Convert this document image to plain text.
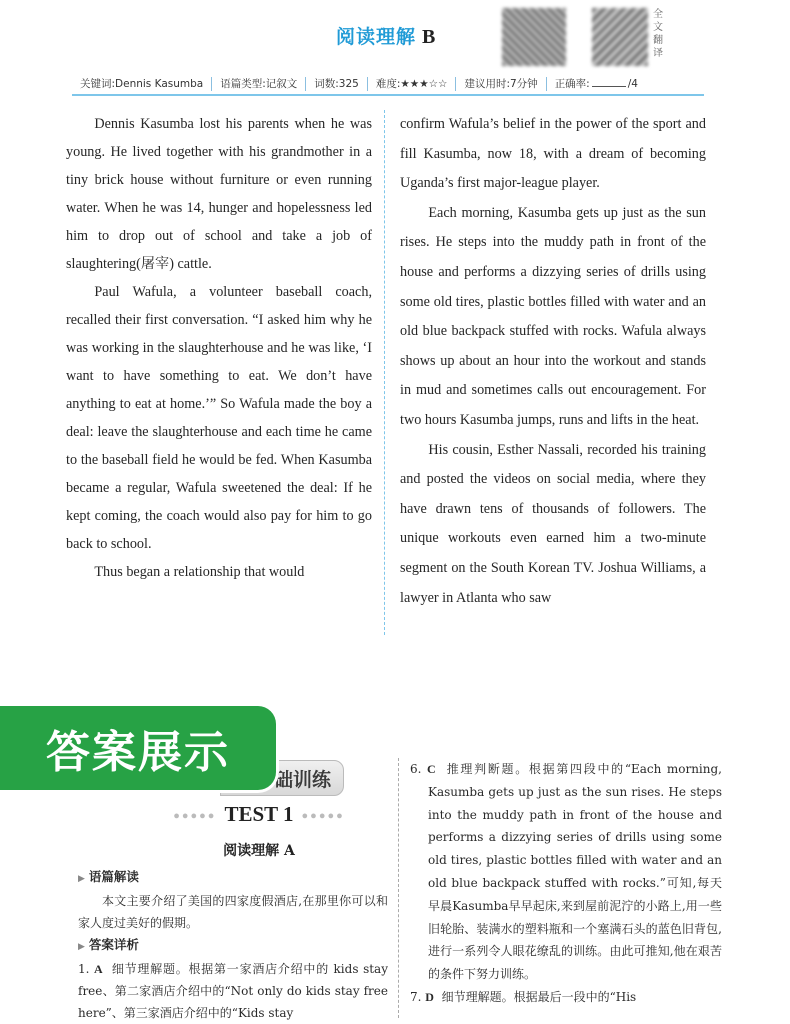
阅读理解 B
全文翻译
关键词:Dennis Kasumba	语篇类型:记叙文	词数:325	难度:★★★☆☆	建议用时:7分钟	正确率:	/4

Dennis Kasumba lost his parents when he was young. He lived together with his grandmother in a tiny brick house without furniture or even running water. When he was 14, hunger and hopelessness led him to drop out of school and take a job of slaughtering(屠宰) cattle.

Paul Wafula, a volunteer baseball coach, recalled their first conversation. “I asked him why he was working in the slaughterhouse and he was like, ‘I want to have something to eat. We don’t have anything to eat at home.’” So Wafula made the boy a deal: leave the slaughterhouse and each time he came to the baseball field he would be fed. When Kasumba became a regular, Wafula sweetened the deal: If he kept coming, the coach would also pay for him to go back to school.

Thus began a relationship that would

confirm Wafula’s belief in the power of the sport and fill Kasumba, now 18, with a dream of becoming Uganda’s first major-league player.

Each morning, Kasumba gets up just as the sun rises. He steps into the muddy path in front of the house and performs a dizzying series of drills using some old tires, plastic bottles filled with water and an old blue backpack stuffed with rocks. Wafula always shows up about an hour into the workout and stands in mud and sometimes calls out encouragement. For two hours Kasumba jumps, runs and lifts in the heat.

His cousin, Esther Nassali, recorded his training and posted the videos on social media, where they have drawn tens of thousands of followers. The unique workouts even earned him a two-minute segment on the South Korean TV. Joshua Williams, a lawyer in Atlanta who saw

础训练
答案展示
●●●●● TEST 1 ●●●●●
阅读理解 A
▶ 语篇解读
本文主要介绍了美国的四家度假酒店,在那里你可以和家人度过美好的假期。
▶ 答案详析
1. A 细节理解题。根据第一家酒店介绍中的 kids stay free、第二家酒店介绍中的“Not only do kids stay free here”、第三家酒店介绍中的“Kids stay
6. C 推理判断题。根据第四段中的“Each morning, Kasumba gets up just as the sun rises. He steps into the muddy path in front of the house and performs a dizzying series of drills using some old tires, plastic bottles filled with water and an old blue backpack stuffed with rocks.”可知,每天早晨Kasumba早早起床,来到屋前泥泞的小路上,用一些旧轮胎、装满水的塑料瓶和一个塞满石头的蓝色旧背包,进行一系列令人眼花缭乱的训练。由此可推知,他在艰苦的条件下努力训练。
7. D 细节理解题。根据最后一段中的“His
